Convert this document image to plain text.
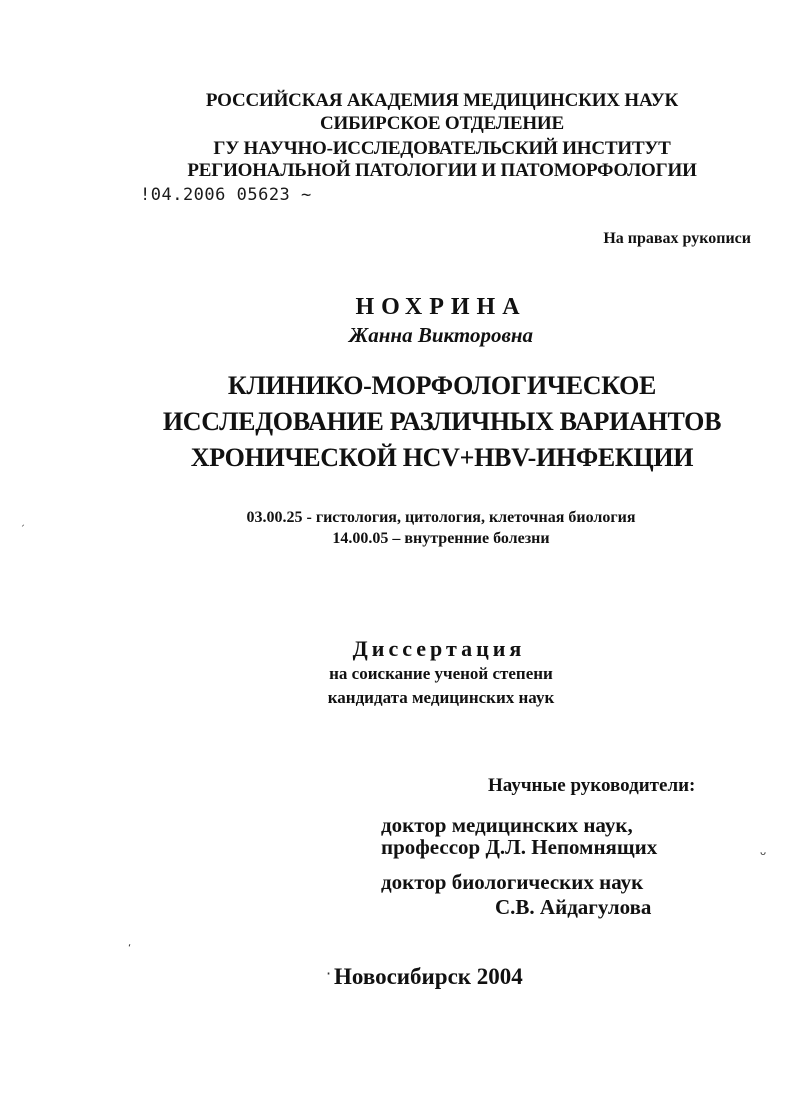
РОССИЙСКАЯ АКАДЕМИЯ МЕДИЦИНСКИХ НАУК
СИБИРСКОЕ ОТДЕЛЕНИЕ
ГУ НАУЧНО-ИССЛЕДОВАТЕЛЬСКИЙ ИНСТИТУТ
РЕГИОНАЛЬНОЙ ПАТОЛОГИИ И ПАТОМОРФОЛОГИИ
!04.2006 05623 ~
На правах рукописи
НОХРИНА
Жанна Викторовна
КЛИНИКО-МОРФОЛОГИЧЕСКОЕ
ИССЛЕДОВАНИЕ РАЗЛИЧНЫХ ВАРИАНТОВ
ХРОНИЧЕСКОЙ HCV+HBV-ИНФЕКЦИИ
03.00.25 - гистология, цитология, клеточная биология
14.00.05 – внутренние болезни
Диссертация
на соискание ученой степени
кандидата медицинских наук
Научные руководители:
доктор медицинских наук,
профессор Д.Л. Непомнящих
доктор биологических наук
С.В. Айдагулова
Новосибирск 2004
ˏ
ᴗ
‘
·
